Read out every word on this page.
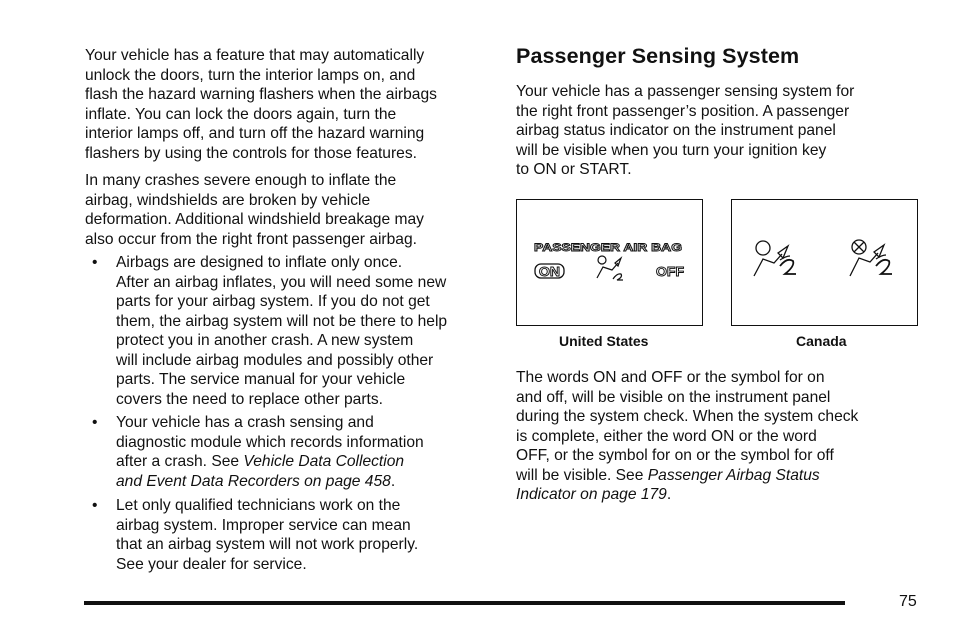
Your vehicle has a feature that may automatically
unlock the doors, turn the interior lamps on, and
flash the hazard warning flashers when the airbags
inflate. You can lock the doors again, turn the
interior lamps off, and turn off the hazard warning
flashers by using the controls for those features.

In many crashes severe enough to inflate the
airbag, windshields are broken by vehicle
deformation. Additional windshield breakage may
also occur from the right front passenger airbag.

• Airbags are designed to inflate only once.
After an airbag inflates, you will need some new
parts for your airbag system. If you do not get
them, the airbag system will not be there to help
protect you in another crash. A new system
will include airbag modules and possibly other
parts. The service manual for your vehicle
covers the need to replace other parts.

• Your vehicle has a crash sensing and
diagnostic module which records information
after a crash. See Vehicle Data Collection
and Event Data Recorders on page 458.

• Let only qualified technicians work on the
airbag system. Improper service can mean
that an airbag system will not work properly.
See your dealer for service.

Passenger Sensing System

Your vehicle has a passenger sensing system for
the right front passenger’s position. A passenger
airbag status indicator on the instrument panel
will be visible when you turn your ignition key
to ON or START.

PASSENGER AIR BAG
ON	OFF
United States	Canada

The words ON and OFF or the symbol for on
and off, will be visible on the instrument panel
during the system check. When the system check
is complete, either the word ON or the word
OFF, or the symbol for on or the symbol for off
will be visible. See Passenger Airbag Status
Indicator on page 179.

75
